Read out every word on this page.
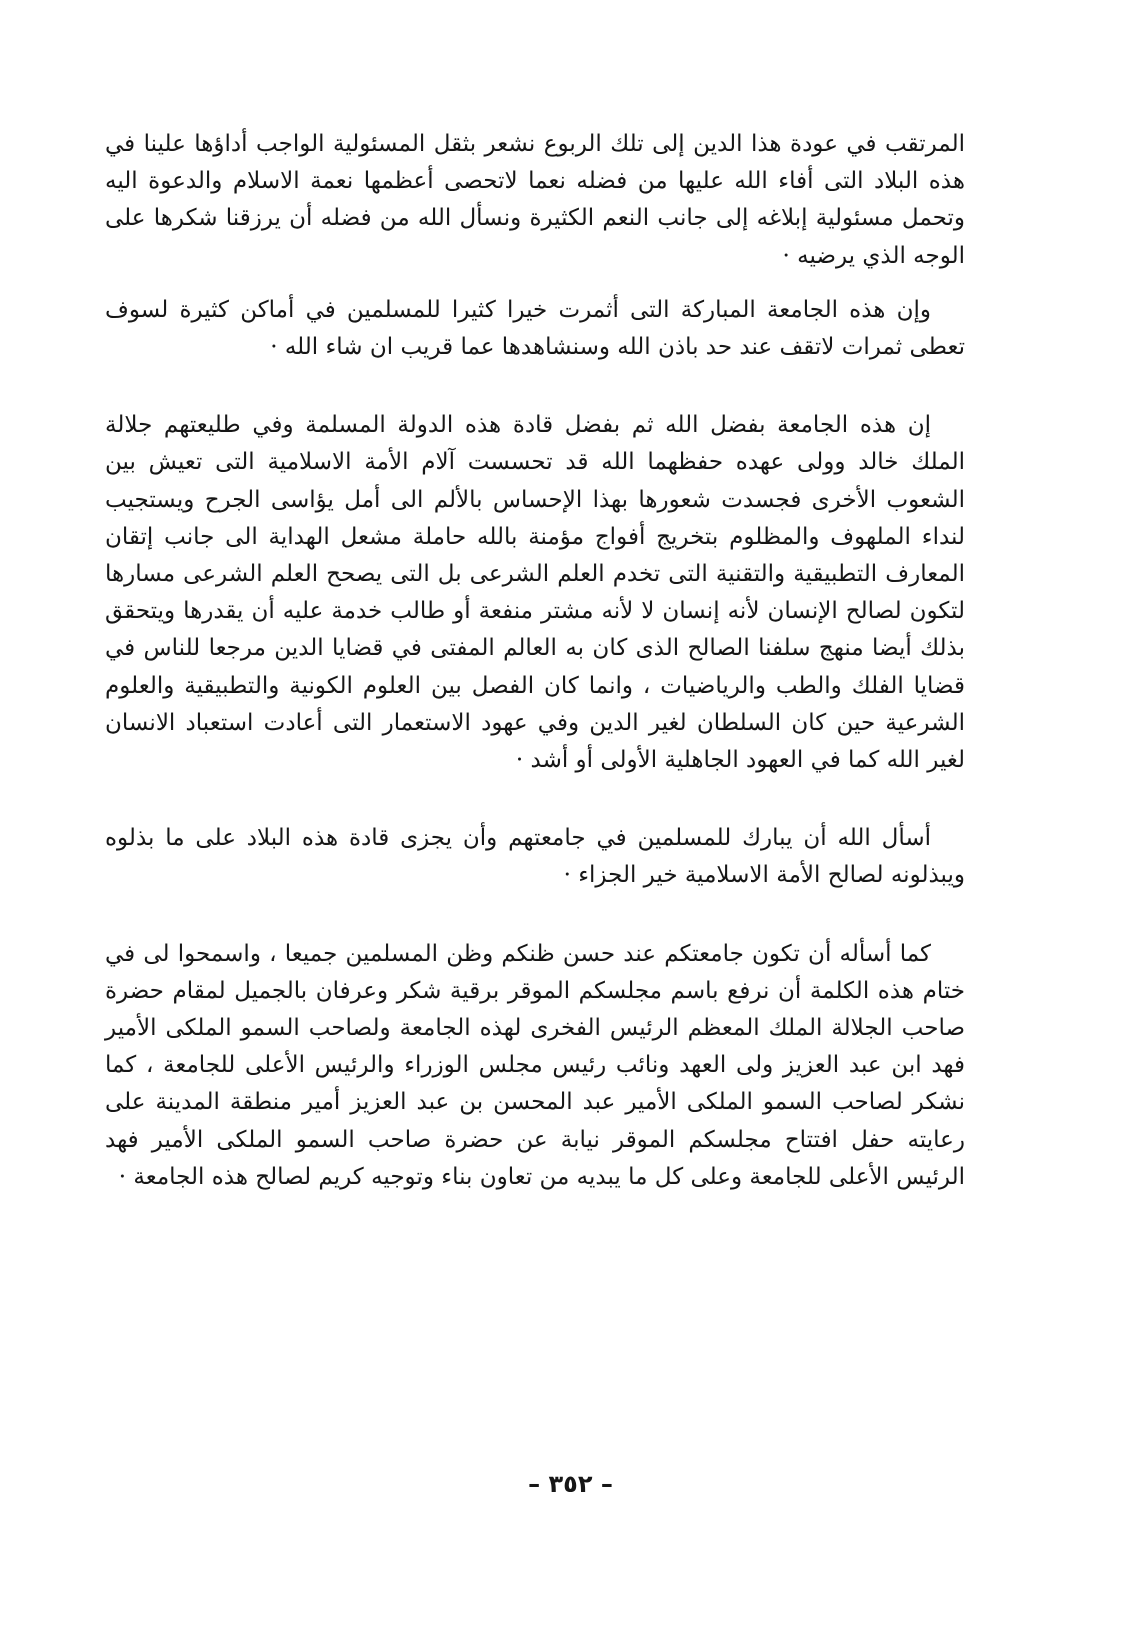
المرتقب في عودة هذا الدين إلى تلك الربوع نشعر بثقل المسئولية الواجب أداؤها علينا في هذه البلاد التى أفاء الله عليها من فضله نعما لاتحصى أعظمها نعمة الاسلام والدعوة اليه وتحمل مسئولية إبلاغه إلى جانب النعم الكثيرة ونسأل الله من فضله أن يرزقنا شكرها على الوجه الذي يرضيه ·

وإن هذه الجامعة المباركة التى أثمرت خيرا كثيرا للمسلمين في أماكن كثيرة لسوف تعطى ثمرات لاتقف عند حد باذن الله وسنشاهدها عما قريب ان شاء الله ·

إن هذه الجامعة بفضل الله ثم بفضل قادة هذه الدولة المسلمة وفي طليعتهم جلالة الملك خالد وولى عهده حفظهما الله قد تحسست آلام الأمة الاسلامية التى تعيش بين الشعوب الأخرى فجسدت شعورها بهذا الإحساس بالألم الى أمل يؤاسى الجرح ويستجيب لنداء الملهوف والمظلوم بتخريج أفواج مؤمنة بالله حاملة مشعل الهداية الى جانب إتقان المعارف التطبيقية والتقنية التى تخدم العلم الشرعى بل التى يصحح العلم الشرعى مسارها لتكون لصالح الإنسان لأنه إنسان لا لأنه مشتر منفعة أو طالب خدمة عليه أن يقدرها ويتحقق بذلك أيضا منهج سلفنا الصالح الذى كان به العالم المفتى في قضايا الدين مرجعا للناس في قضايا الفلك والطب والرياضيات ، وانما كان الفصل بين العلوم الكونية والتطبيقية والعلوم الشرعية حين كان السلطان لغير الدين وفي عهود الاستعمار التى أعادت استعباد الانسان لغير الله كما في العهود الجاهلية الأولى أو أشد ·

أسأل الله أن يبارك للمسلمين في جامعتهم وأن يجزى قادة هذه البلاد على ما بذلوه ويبذلونه لصالح الأمة الاسلامية خير الجزاء ·

كما أسأله أن تكون جامعتكم عند حسن ظنكم وظن المسلمين جميعا ، واسمحوا لى في ختام هذه الكلمة أن نرفع باسم مجلسكم الموقر برقية شكر وعرفان بالجميل لمقام حضرة صاحب الجلالة الملك المعظم الرئيس الفخرى لهذه الجامعة ولصاحب السمو الملكى الأمير فهد ابن عبد العزيز ولى العهد ونائب رئيس مجلس الوزراء والرئيس الأعلى للجامعة ، كما نشكر لصاحب السمو الملكى الأمير عبد المحسن بن عبد العزيز أمير منطقة المدينة على رعايته حفل افتتاح مجلسكم الموقر نيابة عن حضرة صاحب السمو الملكى الأمير فهد الرئيس الأعلى للجامعة وعلى كل ما يبديه من تعاون بناء وتوجيه كريم لصالح هذه الجامعة ·

– ٣٥٢ –
